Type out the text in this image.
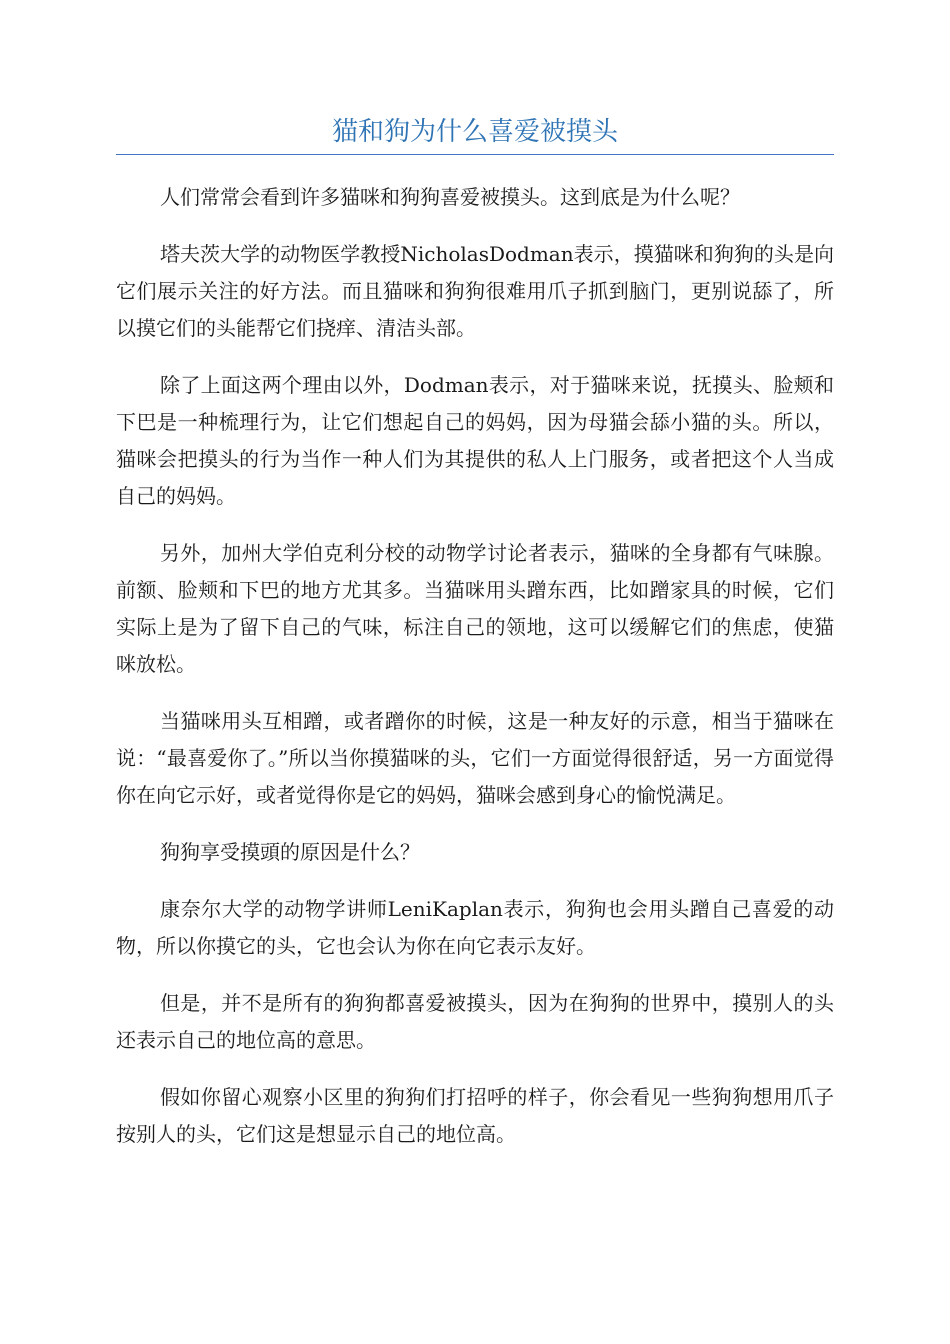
猫和狗为什么喜爱被摸头

人们常常会看到许多猫咪和狗狗喜爱被摸头。这到底是为什么呢？

塔夫茨大学的动物医学教授NicholasDodman表示，摸猫咪和狗狗的头是向它们展示关注的好方法。而且猫咪和狗狗很难用爪子抓到脑门，更别说舔了，所以摸它们的头能帮它们挠痒、清洁头部。

除了上面这两个理由以外，Dodman表示，对于猫咪来说，抚摸头、脸颊和下巴是一种梳理行为，让它们想起自己的妈妈，因为母猫会舔小猫的头。所以，猫咪会把摸头的行为当作一种人们为其提供的私人上门服务，或者把这个人当成自己的妈妈。

另外，加州大学伯克利分校的动物学讨论者表示，猫咪的全身都有气味腺。前额、脸颊和下巴的地方尤其多。当猫咪用头蹭东西，比如蹭家具的时候，它们实际上是为了留下自己的气味，标注自己的领地，这可以缓解它们的焦虑，使猫咪放松。

当猫咪用头互相蹭，或者蹭你的时候，这是一种友好的示意，相当于猫咪在说：“最喜爱你了。”所以当你摸猫咪的头，它们一方面觉得很舒适，另一方面觉得你在向它示好，或者觉得你是它的妈妈，猫咪会感到身心的愉悦满足。

狗狗享受摸頭的原因是什么？

康奈尔大学的动物学讲师LeniKaplan表示，狗狗也会用头蹭自己喜爱的动物，所以你摸它的头，它也会认为你在向它表示友好。

但是，并不是所有的狗狗都喜爱被摸头，因为在狗狗的世界中，摸别人的头还表示自己的地位高的意思。

假如你留心观察小区里的狗狗们打招呼的样子，你会看见一些狗狗想用爪子按别人的头，它们这是想显示自己的地位高。
